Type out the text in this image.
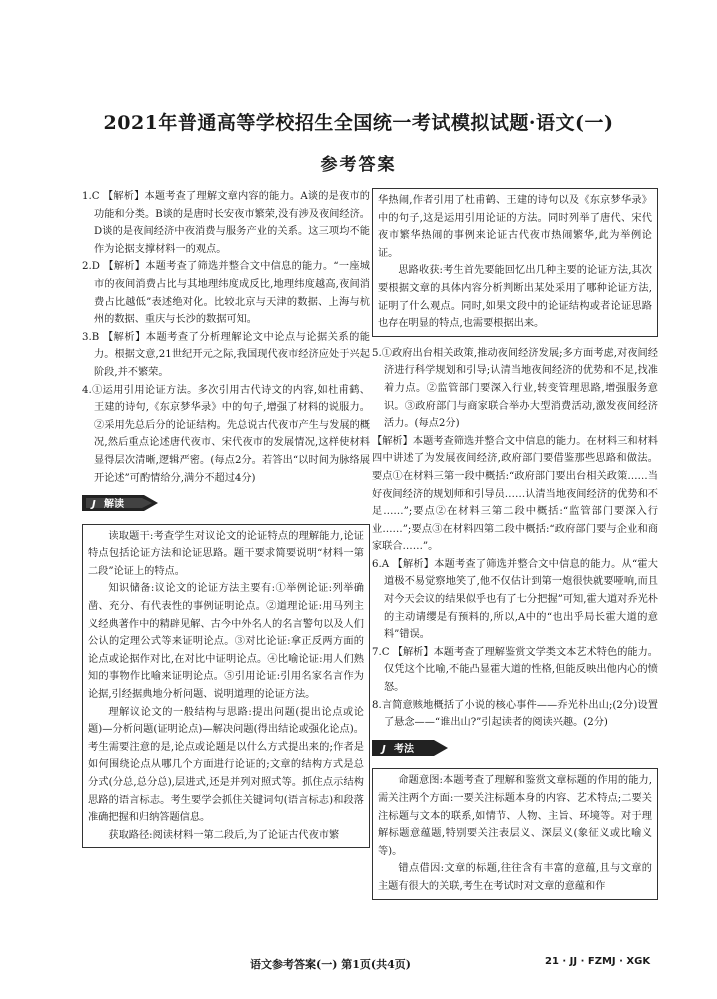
2021年普通高等学校招生全国统一考试模拟试题·语文(一)
参考答案

1.C 【解析】本题考查了理解文章内容的能力。A谈的是夜市的功能和分类。B谈的是唐时长安夜市繁荣,没有涉及夜间经济。D谈的是夜间经济中夜消费与服务产业的关系。这三项均不能作为论据支撑材料一的观点。

2.D 【解析】本题考查了筛选并整合文中信息的能力。“一座城市的夜间消费占比与其地理纬度成反比,地理纬度越高,夜间消费占比越低”表述绝对化。比较北京与天津的数据、上海与杭州的数据、重庆与长沙的数据可知。

3.B 【解析】本题考查了分析理解论文中论点与论据关系的能力。根据文意,21世纪开元之际,我国现代夜市经济应处于兴起阶段,并不繁荣。

4.①运用引用论证方法。多次引用古代诗文的内容,如杜甫鹤、王建的诗句,《东京梦华录》中的句子,增强了材料的说服力。②采用先总后分的论证结构。先总说古代夜市产生与发展的概况,然后重点论述唐代夜市、宋代夜市的发展情况,这样使材料显得层次清晰,逻辑严密。(每点2分。若答出“以时间为脉络展开论述”可酌情给分,满分不超过4分)

J 解读

读取题干:考查学生对议论文的论证特点的理解能力,论证特点包括论证方法和论证思路。题干要求简要说明“材料一第二段”论证上的特点。

知识储备:议论文的论证方法主要有:①举例论证:列举确凿、充分、有代表性的事例证明论点。②道理论证:用马列主义经典著作中的精辟见解、古今中外名人的名言警句以及人们公认的定理公式等来证明论点。③对比论证:拿正反两方面的论点或论据作对比,在对比中证明论点。④比喻论证:用人们熟知的事物作比喻来证明论点。⑤引用论证:引用名家名言作为论据,引经据典地分析问题、说明道理的论证方法。

理解议论文的一般结构与思路:提出问题(提出论点或论题)—分析问题(证明论点)—解决问题(得出结论或强化论点)。考生需要注意的是,论点或论题是以什么方式提出来的;作者是如何围绕论点从哪几个方面进行论证的;文章的结构方式是总分式(分总,总分总),层进式,还是并列对照式等。抓住点示结构思路的语言标志。考生要学会抓住关键词句(语言标志)和段落准确把握和归纳答题信息。

获取路径:阅读材料一第二段后,为了论证古代夜市繁

华热闹,作者引用了杜甫鹤、王建的诗句以及《东京梦华录》中的句子,这是运用引用论证的方法。同时列举了唐代、宋代夜市繁华热闹的事例来论证古代夜市热闹繁华,此为举例论证。

思路收获:考生首先要能回忆出几种主要的论证方法,其次要根据文章的具体内容分析判断出某处采用了哪种论证方法,证明了什么观点。同时,如果文段中的论证结构或者论证思路也存在明显的特点,也需要根据出来。

5.①政府出台相关政策,推动夜间经济发展;多方面考虑,对夜间经济进行科学规划和引导;认清当地夜间经济的优势和不足,找准着力点。②监管部门要深入行业,转变管理思路,增强服务意识。③政府部门与商家联合举办大型消费活动,激发夜间经济活力。(每点2分)

【解析】本题考查筛选并整合文中信息的能力。在材料三和材料四中讲述了为发展夜间经济,政府部门要借鉴那些思路和做法。要点①在材料三第一段中概括:“政府部门要出台相关政策……当好夜间经济的规划师和引导员……认清当地夜间经济的优势和不足……”;要点②在材料三第二段中概括:“监管部门要深入行业……”;要点③在材料四第二段中概括:“政府部门要与企业和商家联合……”。

6.A 【解析】本题考查了筛选并整合文中信息的能力。从“霍大道极不易觉察地笑了,他不仅估计到第一炮很快就要哑响,而且对今天会议的结果似乎也有了七分把握”可知,霍大道对乔光朴的主动请缨是有预料的,所以,A中的“也出乎局长霍大道的意料”错误。

7.C 【解析】本题考查了理解鉴赏文学类文本艺术特色的能力。仅凭这个比喻,不能凸显霍大道的性格,但能反映出他内心的愤怒。

8.言简意赅地概括了小说的核心事件——乔光朴出山;(2分)设置了悬念——“谁出山?”引起读者的阅读兴趣。(2分)

J 考法

命题意图:本题考查了理解和鉴赏文章标题的作用的能力,需关注两个方面:一要关注标题本身的内容、艺术特点;二要关注标题与文本的联系,如情节、人物、主旨、环境等。对于理解标题意蕴题,特别要关注表层义、深层义(象征义或比喻义等)。

错点借因:文章的标题,往往含有丰富的意蕴,且与文章的主题有很大的关联,考生在考试时对文章的意蕴和作

语文参考答案(一) 第1页(共4页)	21 · JJ · FZMJ · XGK
